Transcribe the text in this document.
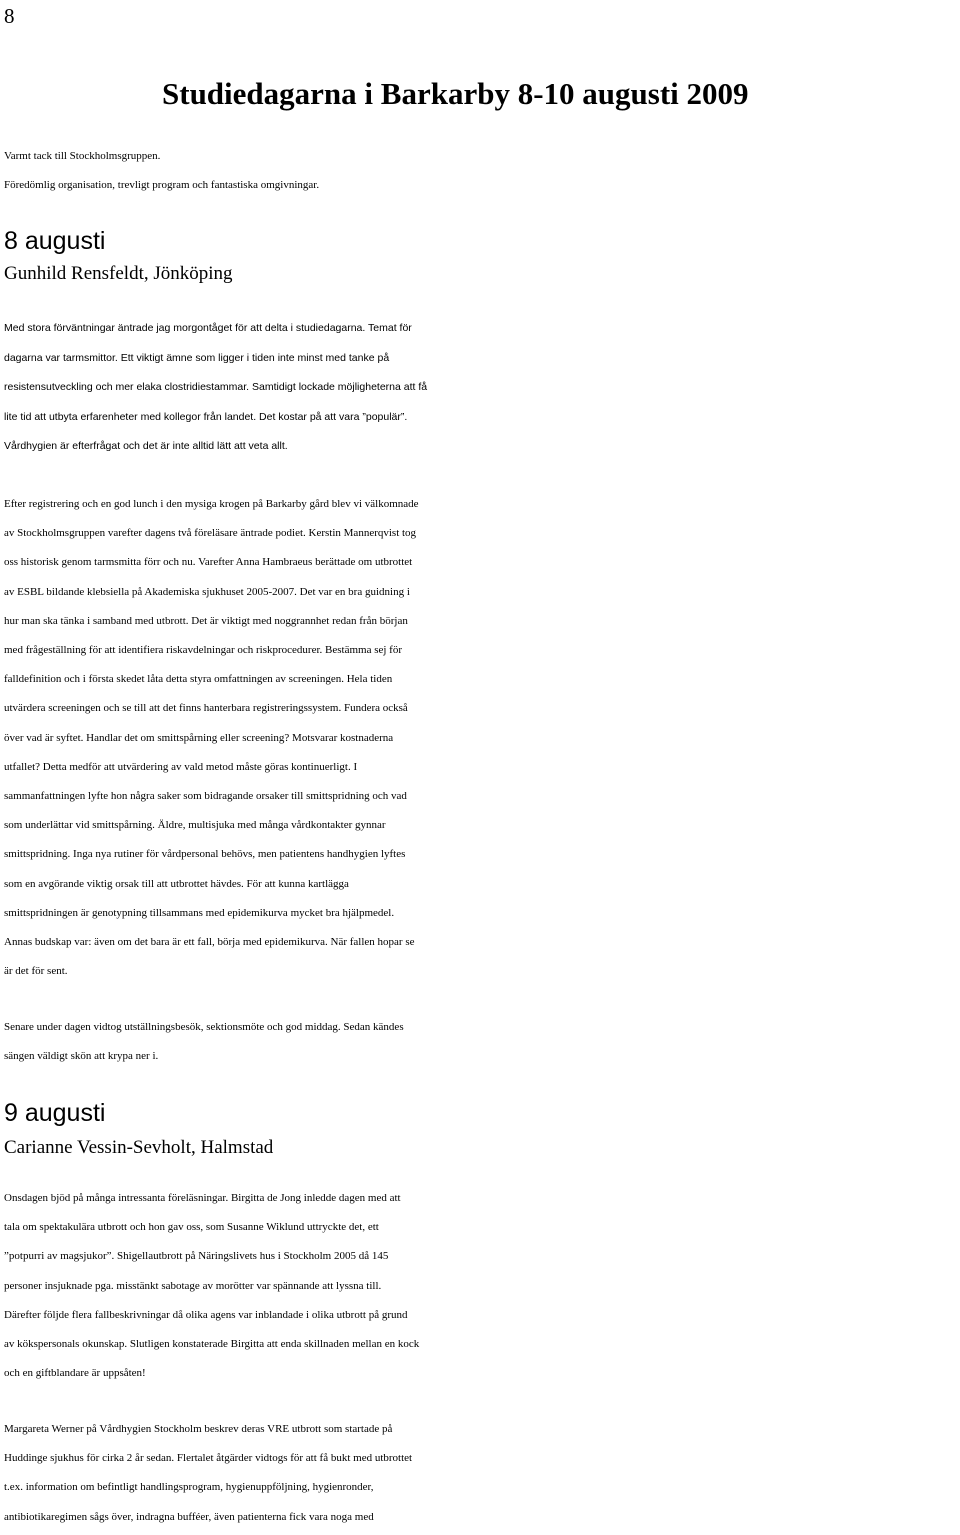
8
Studiedagarna i Barkarby 8-10 augusti 2009
Varmt tack till Stockholmsgruppen.
Föredömlig organisation, trevligt program och fantastiska omgivningar.
8 augusti
Gunhild Rensfeldt, Jönköping
Med stora förväntningar äntrade jag morgontåget för att delta i studiedagarna. Temat för
dagarna var tarmsmittor. Ett viktigt ämne som ligger i tiden inte minst med tanke på
resistensutveckling och mer elaka clostridiestammar. Samtidigt lockade möjligheterna att få
lite tid att utbyta erfarenheter med kollegor från landet. Det kostar på att vara ”populär”.
Vårdhygien är efterfrågat och det är inte alltid lätt att veta allt.
Efter registrering och en god lunch i den mysiga krogen på Barkarby gård blev vi välkomnade
av Stockholmsgruppen varefter dagens två föreläsare äntrade podiet. Kerstin Mannerqvist tog
oss historisk genom tarmsmitta förr och nu. Varefter Anna Hambraeus berättade om utbrottet
av ESBL bildande klebsiella på Akademiska sjukhuset 2005-2007. Det var en bra guidning i
hur man ska tänka i samband med utbrott. Det är viktigt med noggrannhet redan från början
med frågeställning för att identifiera riskavdelningar och riskprocedurer. Bestämma sej för
falldefinition och i första skedet låta detta styra omfattningen av screeningen. Hela tiden
utvärdera screeningen och se till att det finns hanterbara registreringssystem. Fundera också
över vad är syftet. Handlar det om smittspårning eller screening? Motsvarar kostnaderna
utfallet? Detta medför att utvärdering av vald metod måste göras kontinuerligt. I
sammanfattningen lyfte hon några saker som bidragande orsaker till smittspridning och vad
som underlättar vid smittspårning. Äldre, multisjuka med många vårdkontakter gynnar
smittspridning. Inga nya rutiner för vårdpersonal behövs, men patientens handhygien lyftes
som en avgörande viktig orsak till att utbrottet hävdes. För att kunna kartlägga
smittspridningen är genotypning tillsammans med epidemikurva mycket bra hjälpmedel.
Annas budskap var: även om det bara är ett fall, börja med epidemikurva. När fallen hopar se
är det för sent.
Senare under dagen vidtog utställningsbesök, sektionsmöte och god middag. Sedan kändes
sängen väldigt skön att krypa ner i.
9 augusti
Carianne Vessin-Sevholt, Halmstad
Onsdagen bjöd på många intressanta föreläsningar. Birgitta de Jong inledde dagen med att
tala om spektakulära utbrott och hon gav oss, som Susanne Wiklund uttryckte det, ett
”potpurri av magsjukor”. Shigellautbrott på Näringslivets hus i Stockholm 2005 då 145
personer insjuknade pga. misstänkt sabotage av morötter var spännande att lyssna till.
Därefter följde flera fallbeskrivningar då olika agens var inblandade i olika utbrott på grund
av kökspersonals okunskap. Slutligen konstaterade Birgitta att enda skillnaden mellan en kock
och en giftblandare är uppsåten!
Margareta Werner på Vårdhygien Stockholm beskrev deras VRE utbrott som startade på
Huddinge sjukhus för cirka 2 år sedan. Flertalet åtgärder vidtogs för att få bukt med utbrottet
t.ex. information om befintligt handlingsprogram, hygienuppföljning, hygienronder,
antibiotikaregimen sågs över, indragna bufféer, även patienterna fick vara noga med
